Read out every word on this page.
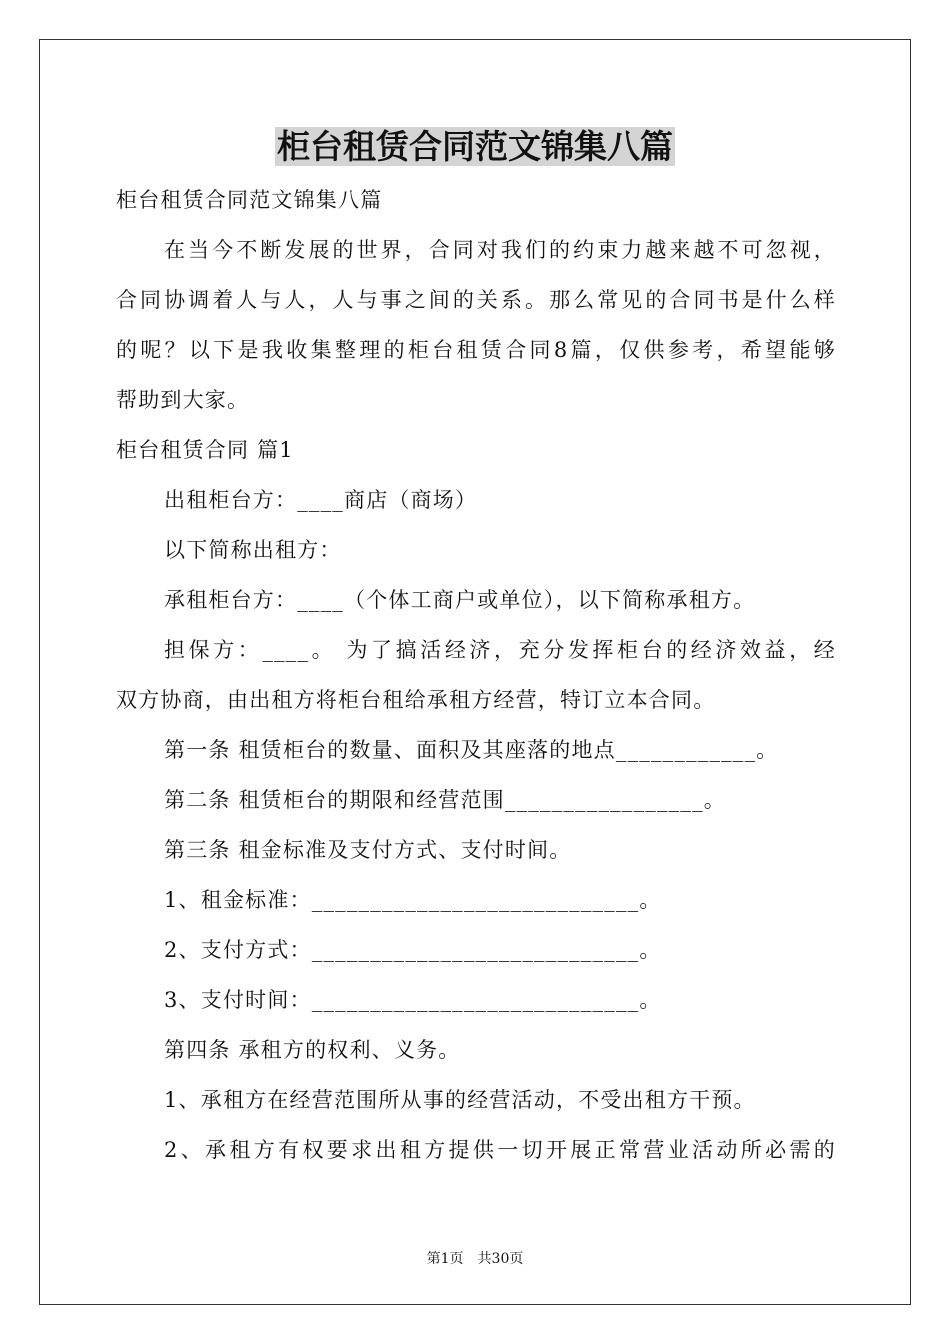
柜台租赁合同范文锦集八篇
柜台租赁合同范文锦集八篇
在当今不断发展的世界，合同对我们的约束力越来越不可忽视，
合同协调着人与人，人与事之间的关系。那么常见的合同书是什么样
的呢？以下是我收集整理的柜台租赁合同8篇，仅供参考，希望能够
帮助到大家。
柜台租赁合同 篇1
出租柜台方：____商店（商场）
以下简称出租方：
承租柜台方：____（个体工商户或单位），以下简称承租方。
担保方：____。 为了搞活经济，充分发挥柜台的经济效益，经
双方协商，由出租方将柜台租给承租方经营，特订立本合同。
第一条 租赁柜台的数量、面积及其座落的地点____________。
第二条 租赁柜台的期限和经营范围_________________。
第三条 租金标准及支付方式、支付时间。
1、租金标准：____________________________。
2、支付方式：____________________________。
3、支付时间：____________________________。
第四条 承租方的权利、义务。
1、承租方在经营范围所从事的经营活动，不受出租方干预。
2、承租方有权要求出租方提供一切开展正常营业活动所必需的
第1页 共30页
